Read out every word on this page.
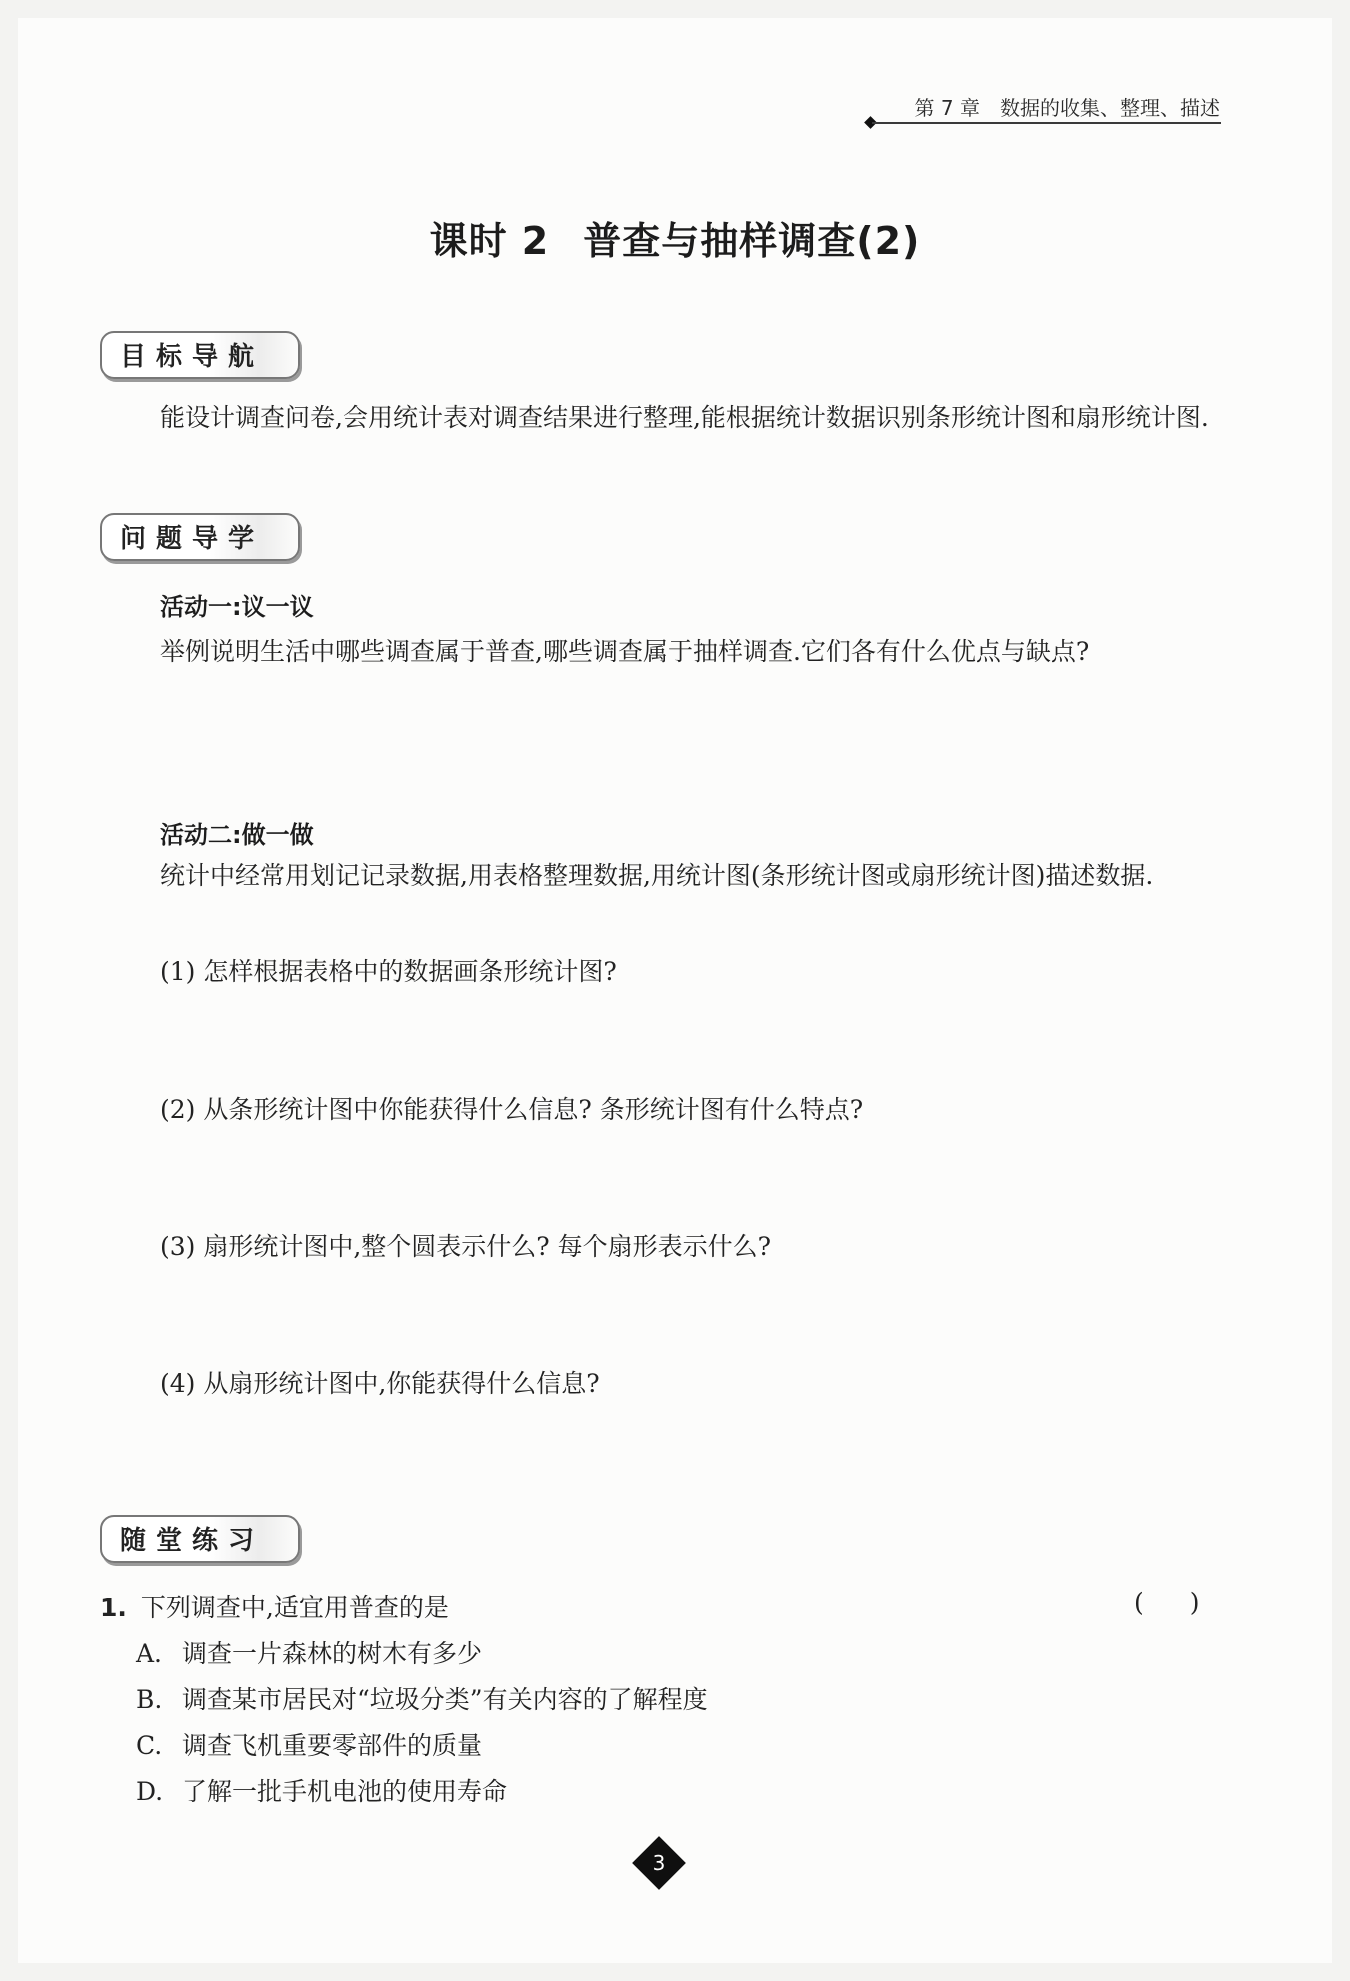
第 7 章　数据的收集、整理、描述
课时 2 普查与抽样调查(2)
目标导航
能设计调查问卷,会用统计表对调查结果进行整理,能根据统计数据识别条形统计图和扇形统计图.
问题导学
活动一:议一议
举例说明生活中哪些调查属于普查,哪些调查属于抽样调查.它们各有什么优点与缺点?
活动二:做一做
统计中经常用划记记录数据,用表格整理数据,用统计图(条形统计图或扇形统计图)描述数据.
(1) 怎样根据表格中的数据画条形统计图?
(2) 从条形统计图中你能获得什么信息? 条形统计图有什么特点?
(3) 扇形统计图中,整个圆表示什么? 每个扇形表示什么?
(4) 从扇形统计图中,你能获得什么信息?
随堂练习
1. 下列调查中,适宜用普查的是	()
A. 调查一片森林的树木有多少
B. 调查某市居民对“垃圾分类”有关内容的了解程度
C. 调查飞机重要零部件的质量
D. 了解一批手机电池的使用寿命
3
